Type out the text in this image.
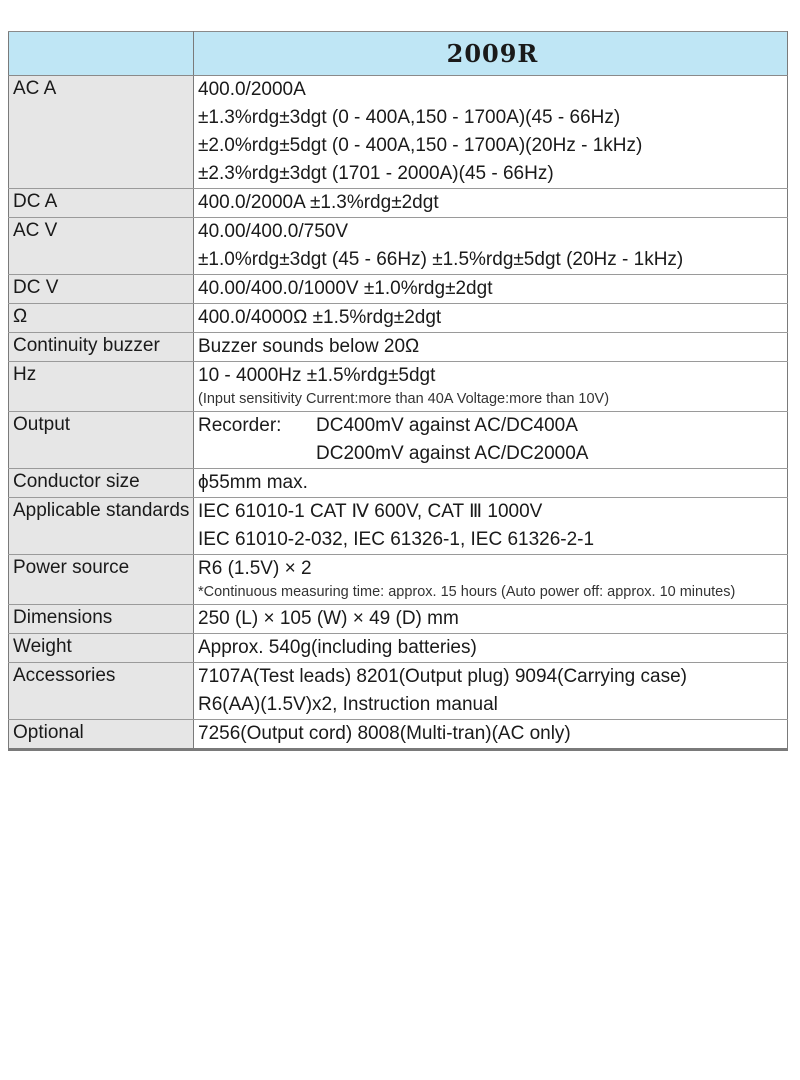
	2009R

AC A	400.0/2000A
±1.3%rdg±3dgt (0 - 400A,150 - 1700A)(45 - 66Hz)
±2.0%rdg±5dgt (0 - 400A,150 - 1700A)(20Hz - 1kHz)
±2.3%rdg±3dgt (1701 - 2000A)(45 - 66Hz)

DC A	400.0/2000A ±1.3%rdg±2dgt

AC V	40.00/400.0/750V
±1.0%rdg±3dgt (45 - 66Hz) ±1.5%rdg±5dgt (20Hz - 1kHz)

DC V	40.00/400.0/1000V ±1.0%rdg±2dgt

Ω	400.0/4000Ω ±1.5%rdg±2dgt

Continuity buzzer	Buzzer sounds below 20Ω

Hz	10 - 4000Hz ±1.5%rdg±5dgt
(Input sensitivity Current:more than 40A Voltage:more than 10V)

Output	Recorder: DC400mV against AC/DC400A
DC200mV against AC/DC2000A

Conductor size	ϕ55mm max.

Applicable standards	IEC 61010-1 CAT Ⅳ 600V, CAT Ⅲ 1000V
IEC 61010-2-032, IEC 61326-1, IEC 61326-2-1

Power source	R6 (1.5V) × 2
*Continuous measuring time: approx. 15 hours (Auto power off: approx. 10 minutes)

Dimensions	250 (L) × 105 (W) × 49 (D) mm

Weight	Approx. 540g(including batteries)

Accessories	7107A(Test leads) 8201(Output plug) 9094(Carrying case)
R6(AA)(1.5V)x2, Instruction manual

Optional	7256(Output cord) 8008(Multi-tran)(AC only)
